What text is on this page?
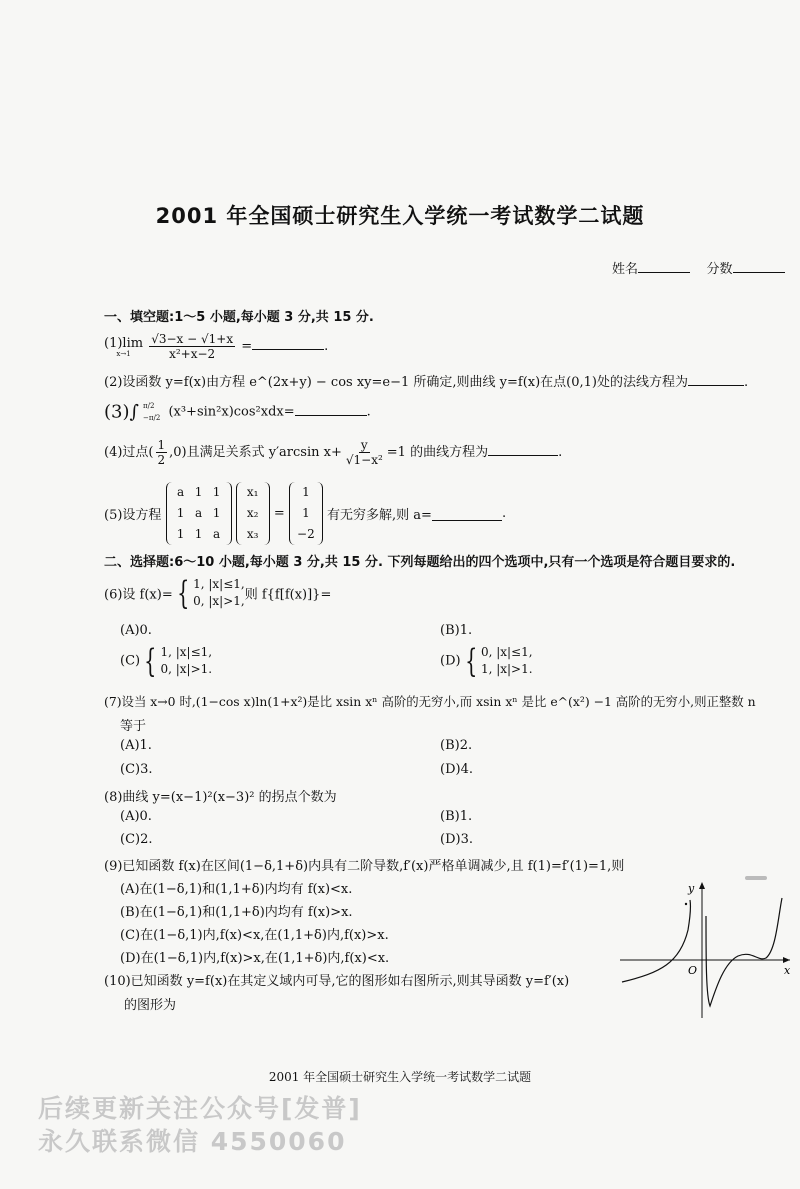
2001 年全国硕士研究生入学统一考试数学二试题
姓名	分数
一、填空题:1～5 小题,每小题 3 分,共 15 分.
(1)lim
x→1
$\frac{√3-x - √1+x}{\text{x²+x−2}}$ =	.
(2)设函数 y=f(x)由方程 e^(2x+y) − cos xy=e−1 所确定,则曲线 y=f(x)在点(0,1)处的法线方程为	.
(3)∫ π/2
−π/2 (x³+sin²x)cos²xdx=	.
(4)过点( $\frac{1}{2} ,0$)且满足关系式 y′arcsin $x+ \frac{y}{\text{√1−x²}} =1$ 的曲线方程为	.
(5)设方程
a 1 1
1 a 1
1 1 a

x₁
x₂
x₃
=
1
1
−2
有无穷多解,则 a=	.
二、选择题:6～10 小题,每小题 3 分,共 15 分. 下列每题给出的四个选项中,只有一个选项是符合题目要求的.
(6)设 f(x)= { 1, |x|≤1,
0, |x|>1,则 f{f[f(x)]}=
(A)0.	(B)1.
(C) { 1, |x|≤1,
0, |x|>1.
(D) { 0, |x|≤1,
1, |x|>1.
(7)设当 x→0 时,(1−cos x)ln(1+x²)是比 xsin xⁿ 高阶的无穷小,而 xsin xⁿ 是比 e^(x²) −1 高阶的无穷小,则正整数 n
等于
(A)1.	(B)2.
(C)3.	(D)4.
(8)曲线 y=(x−1)²(x−3)² 的拐点个数为
(A)0.	(B)1.
(C)2.	(D)3.
(9)已知函数 f(x)在区间(1−δ,1+δ)内具有二阶导数,f′(x)严格单调减少,且 f(1)=f′(1)=1,则
(A)在(1−δ,1)和(1,1+δ)内均有 f(x)<x.
(B)在(1−δ,1)和(1,1+δ)内均有 f(x)>x.
(C)在(1−δ,1)内,f(x)<x,在(1,1+δ)内,f(x)>x.
(D)在(1−δ,1)内,f(x)>x,在(1,1+δ)内,f(x)<x.
(10)已知函数 y=f(x)在其定义域内可导,它的图形如右图所示,则其导函数 y=f′(x)
的图形为
y
x
O
2001 年全国硕士研究生入学统一考试数学二试题
后续更新关注公众号[发普]
永久联系微信 4550060
